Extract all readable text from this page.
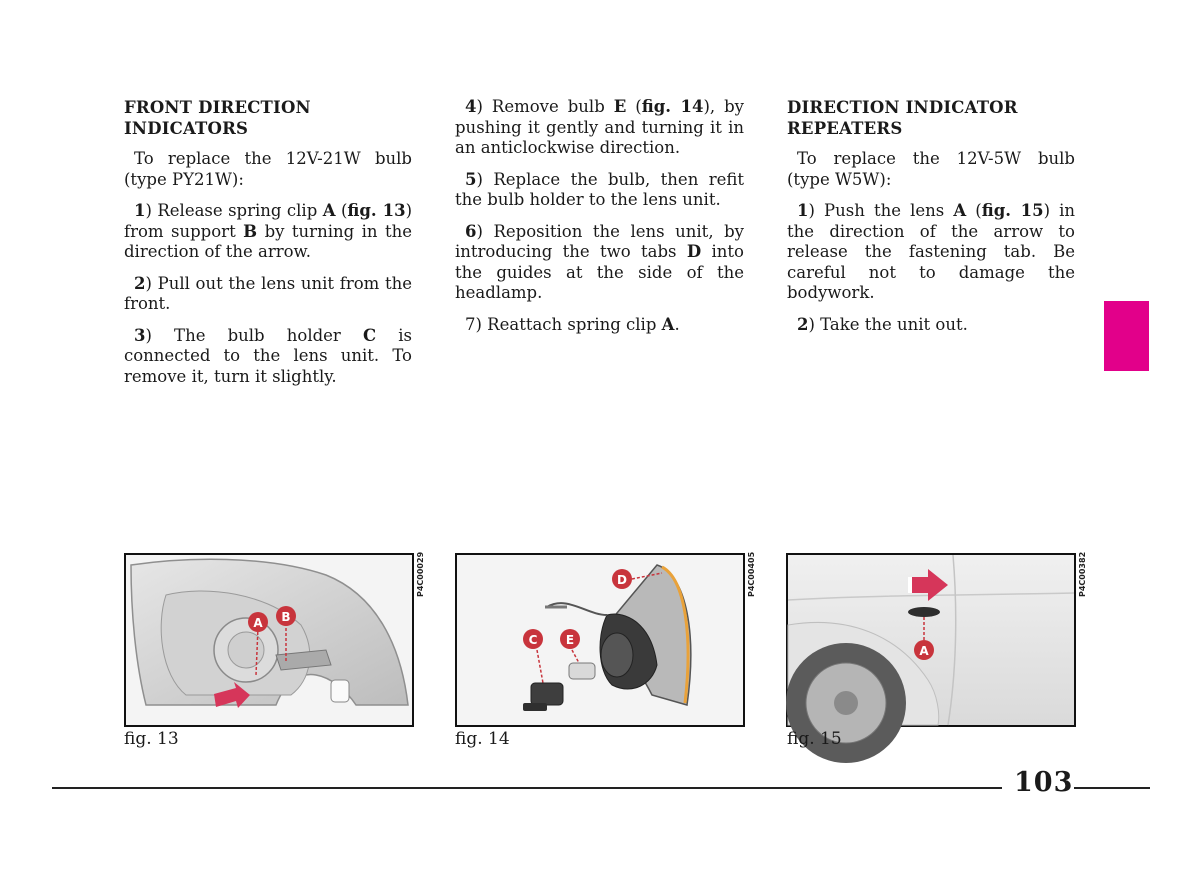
FRONT DIRECTION
INDICATORS

To replace the 12V-21W bulb (type PY21W):

1) Release spring clip A (fig. 13) from support B by turning in the direction of the arrow.

2) Pull out the lens unit from the front.

3) The bulb holder C is connected to the lens unit. To remove it, turn it slightly.

4) Remove bulb E (fig. 14), by pushing it gently and turning it in an anticlockwise direction.

5) Replace the bulb, then refit the bulb holder to the lens unit.

6) Reposition the lens unit, by introducing the two tabs D into the guides at the side of the headlamp.

7) Reattach spring clip A.

DIRECTION INDICATOR
REPEATERS

To replace the 12V-5W bulb (type W5W):

1) Push the lens A (fig. 15) in the direction of the arrow to release the fastening tab. Be careful not to damage the bodywork.

2) Take the unit out.

A B
P4C00029	D
C E
P4C00405
A
P4C00382
fig. 13	fig. 14	fig. 15
103
